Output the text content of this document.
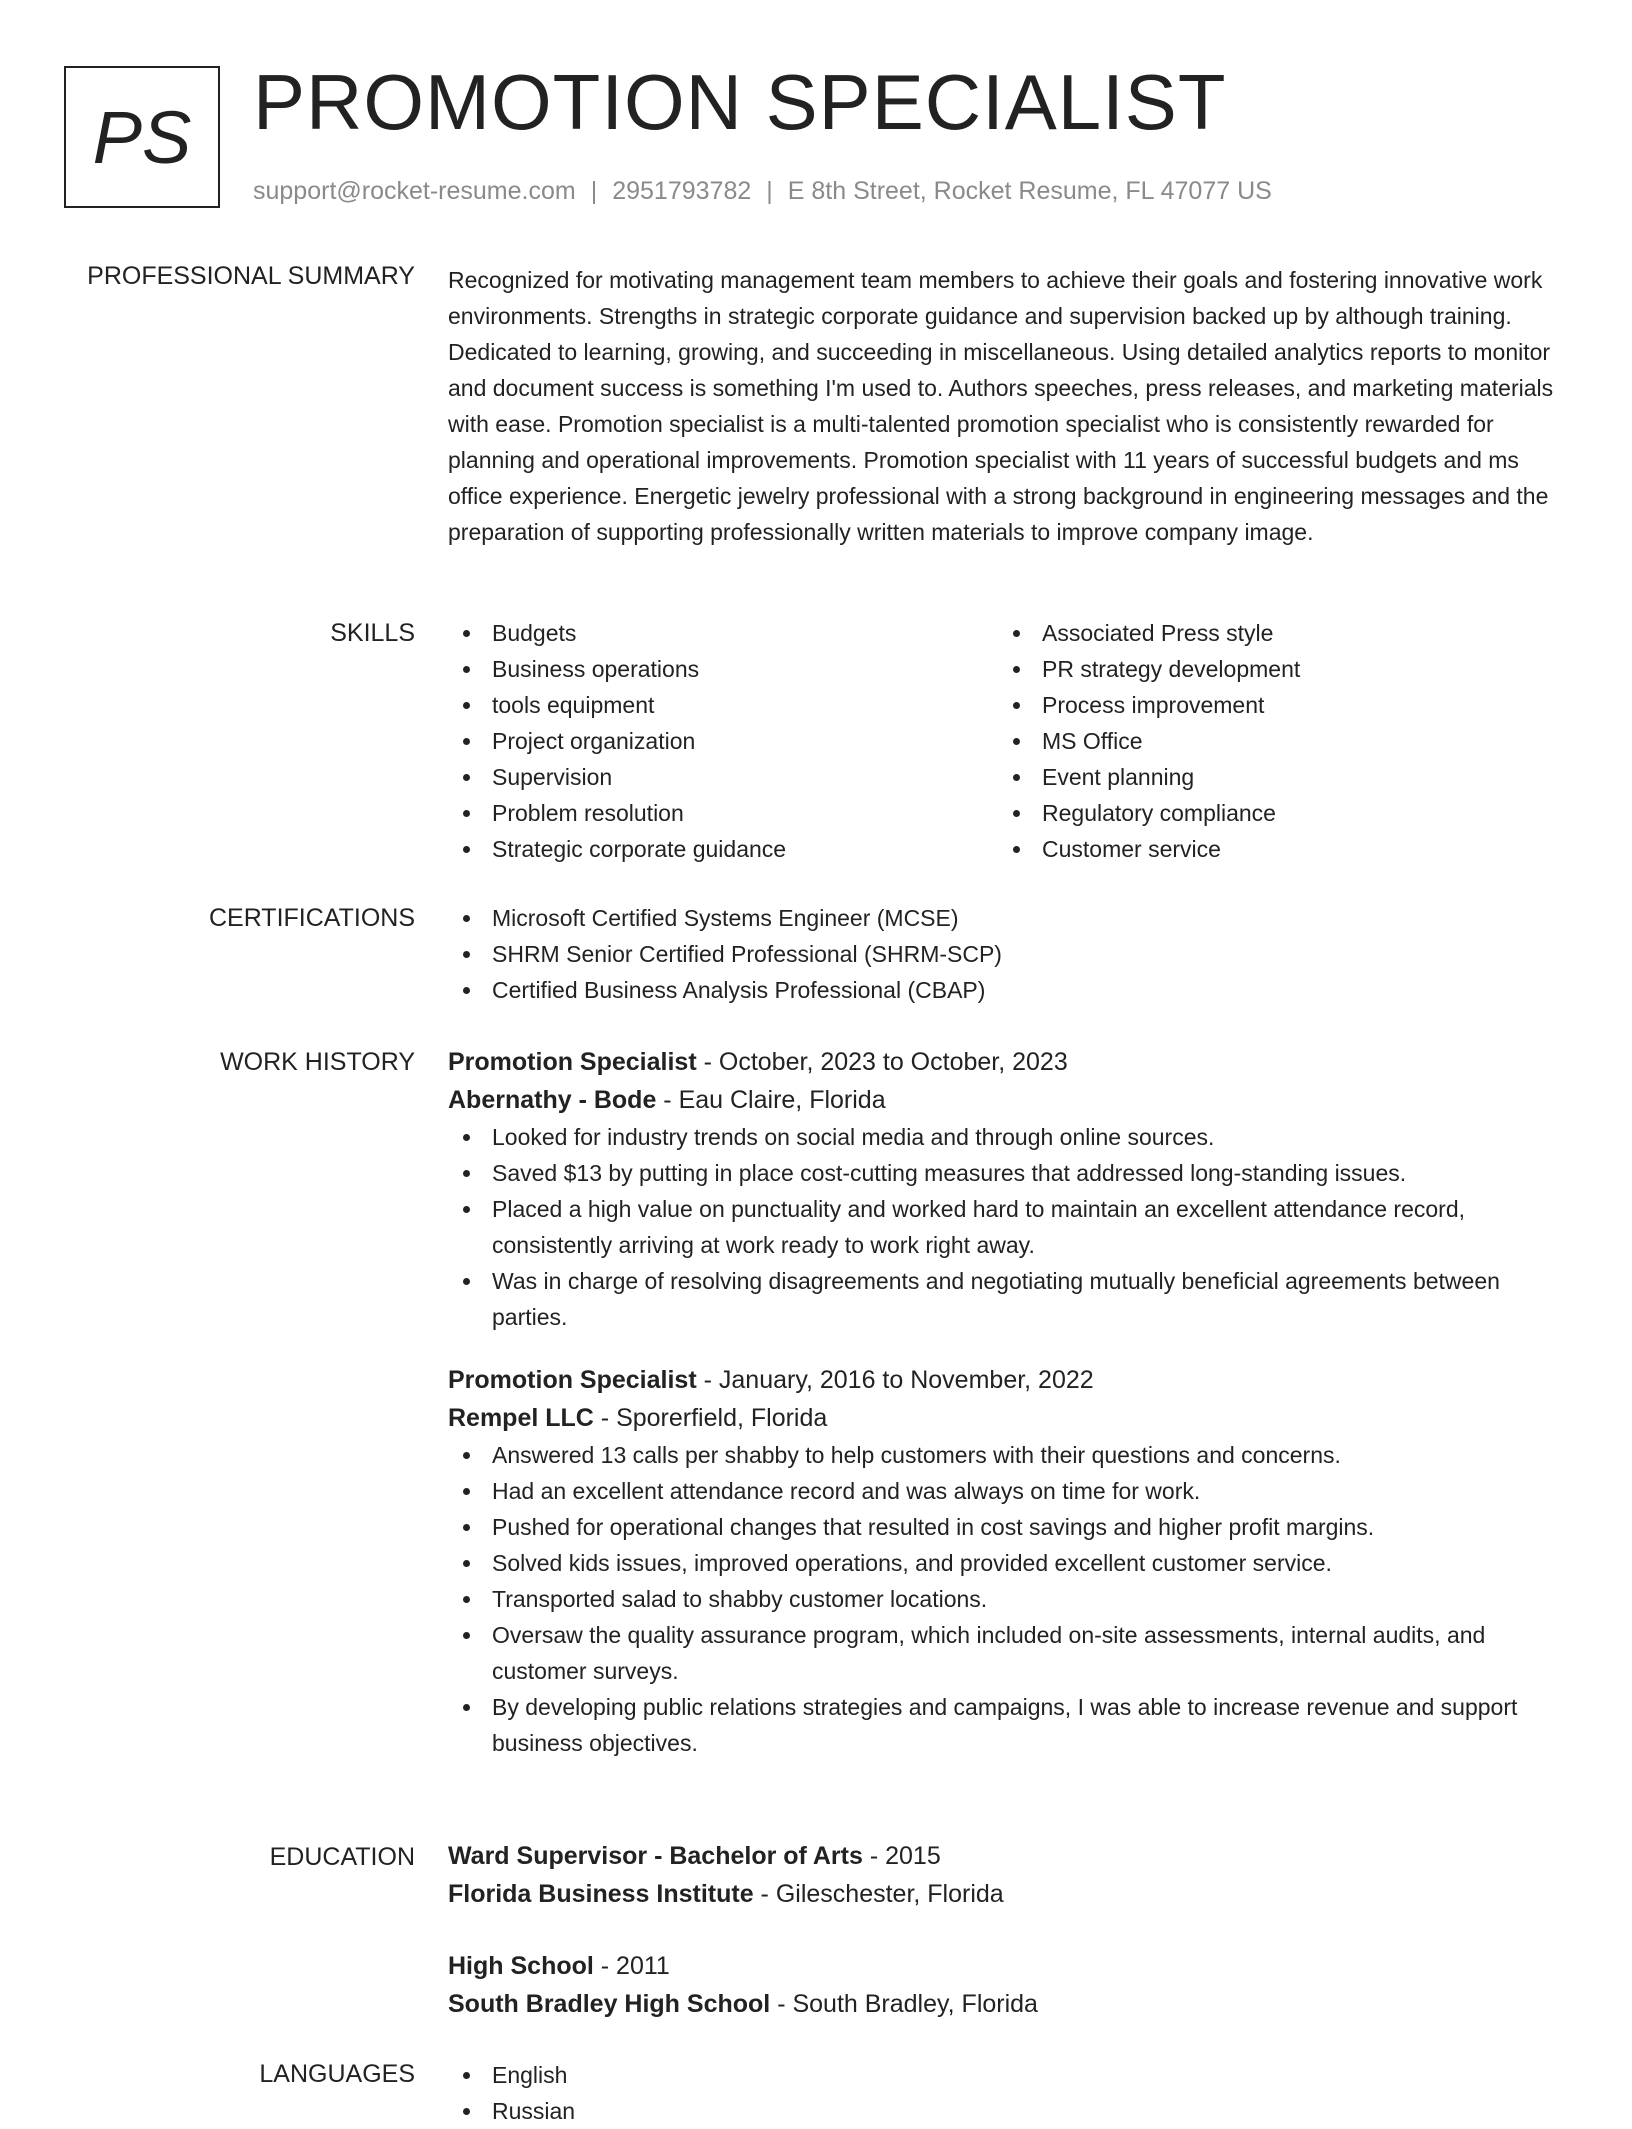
PS PROMOTION SPECIALIST
support@rocket-resume.com | 2951793782 | E 8th Street, Rocket Resume, FL 47077 US
PROFESSIONAL SUMMARY Recognized for motivating management team members to achieve their goals and fostering innovative work environments. Strengths in strategic corporate guidance and supervision backed up by although training. Dedicated to learning, growing, and succeeding in miscellaneous. Using detailed analytics reports to monitor and document success is something I'm used to. Authors speeches, press releases, and marketing materials with ease. Promotion specialist is a multi-talented promotion specialist who is consistently rewarded for planning and operational improvements. Promotion specialist with 11 years of successful budgets and ms office experience. Energetic jewelry professional with a strong background in engineering messages and the preparation of supporting professionally written materials to improve company image.

SKILLS	Budgets
Business operations
tools equipment
Project organization
Supervision
Problem resolution
Strategic corporate guidance
Associated Press style
PR strategy development
Process improvement
MS Office
Event planning
Regulatory compliance
Customer service
CERTIFICATIONS	Microsoft Certified Systems Engineer (MCSE)
SHRM Senior Certified Professional (SHRM-SCP)
Certified Business Analysis Professional (CBAP)
WORK HISTORY Promotion Specialist - October, 2023 to October, 2023
Abernathy - Bode - Eau Claire, Florida
Looked for industry trends on social media and through online sources.
Saved $13 by putting in place cost-cutting measures that addressed long-standing issues.
Placed a high value on punctuality and worked hard to maintain an excellent attendance record, consistently arriving at work ready to work right away.
Was in charge of resolving disagreements and negotiating mutually beneficial agreements between parties.
Promotion Specialist - January, 2016 to November, 2022
Rempel LLC - Sporerfield, Florida
Answered 13 calls per shabby to help customers with their questions and concerns.
Had an excellent attendance record and was always on time for work.
Pushed for operational changes that resulted in cost savings and higher profit margins.
Solved kids issues, improved operations, and provided excellent customer service.
Transported salad to shabby customer locations.
Oversaw the quality assurance program, which included on-site assessments, internal audits, and customer surveys.
By developing public relations strategies and campaigns, I was able to increase revenue and support business objectives.
EDUCATION Ward Supervisor - Bachelor of Arts - 2015
Florida Business Institute - Gileschester, Florida
High School - 2011
South Bradley High School - South Bradley, Florida
LANGUAGES	English
Russian
